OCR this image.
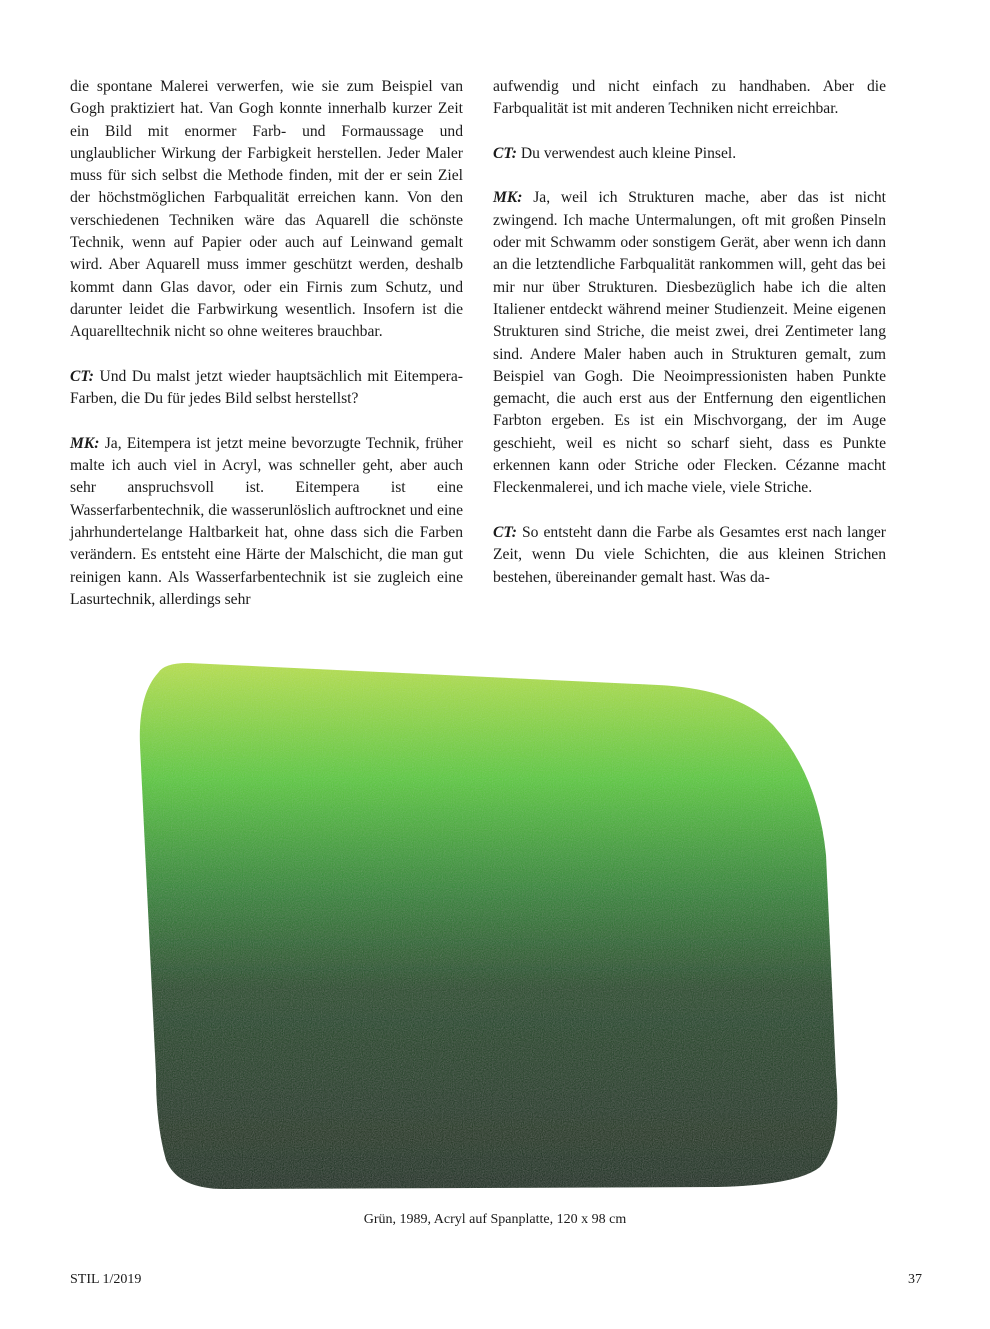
die spontane Malerei verwerfen, wie sie zum Beispiel van Gogh praktiziert hat. Van Gogh konnte innerhalb kurzer Zeit ein Bild mit enormer Farb- und Formaussage und unglaublicher Wirkung der Farbigkeit herstellen. Jeder Maler muss für sich selbst die Methode finden, mit der er sein Ziel der höchstmöglichen Farbqualität erreichen kann. Von den verschiedenen Techniken wäre das Aquarell die schönste Technik, wenn auf Papier oder auch auf Leinwand gemalt wird. Aber Aquarell muss immer geschützt werden, deshalb kommt dann Glas davor, oder ein Firnis zum Schutz, und darunter leidet die Farbwirkung wesentlich. Insofern ist die Aquarelltechnik nicht so ohne weiteres brauchbar.

CT: Und Du malst jetzt wieder hauptsächlich mit Eitempera-Farben, die Du für jedes Bild selbst herstellst?

MK: Ja, Eitempera ist jetzt meine bevorzugte Technik, früher malte ich auch viel in Acryl, was schneller geht, aber auch sehr anspruchsvoll ist. Eitempera ist eine Wasserfarbentechnik, die wasserunlöslich auftrocknet und eine jahrhundertelange Haltbarkeit hat, ohne dass sich die Farben verändern. Es entsteht eine Härte der Malschicht, die man gut reinigen kann. Als Wasserfarbentechnik ist sie zugleich eine Lasurtechnik, allerdings sehr

aufwendig und nicht einfach zu handhaben. Aber die Farbqualität ist mit anderen Techniken nicht erreichbar.

CT: Du verwendest auch kleine Pinsel.

MK: Ja, weil ich Strukturen mache, aber das ist nicht zwingend. Ich mache Untermalungen, oft mit großen Pinseln oder mit Schwamm oder sonstigem Gerät, aber wenn ich dann an die letztendliche Farbqualität rankommen will, geht das bei mir nur über Strukturen. Diesbezüglich habe ich die alten Italiener entdeckt während meiner Studienzeit. Meine eigenen Strukturen sind Striche, die meist zwei, drei Zentimeter lang sind. Andere Maler haben auch in Strukturen gemalt, zum Beispiel van Gogh. Die Neoimpressionisten haben Punkte gemacht, die auch erst aus der Entfernung den eigentlichen Farbton ergeben. Es ist ein Mischvorgang, der im Auge geschieht, weil es nicht so scharf sieht, dass es Punkte erkennen kann oder Striche oder Flecken. Cézanne macht Fleckenmalerei, und ich mache viele, viele Striche.

CT: So entsteht dann die Farbe als Gesamtes erst nach langer Zeit, wenn Du viele Schichten, die aus kleinen Strichen bestehen, übereinander gemalt hast. Was da-

Grün, 1989, Acryl auf Spanplatte, 120 x 98 cm
STIL 1/2019	37
